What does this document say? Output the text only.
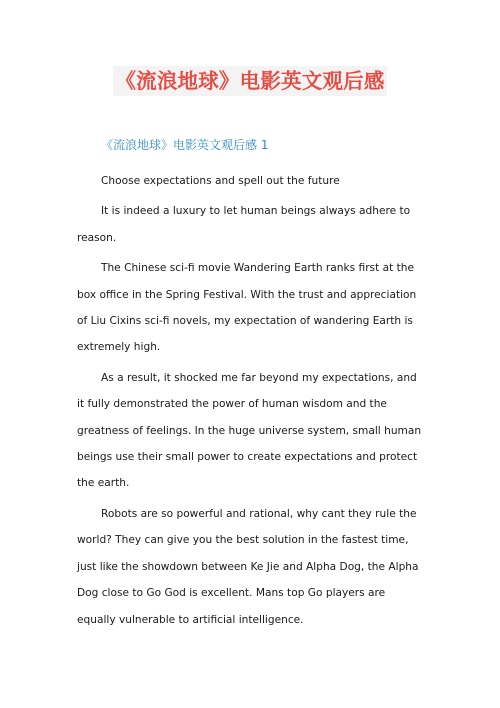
《流浪地球》电影英文观后感
《流浪地球》电影英文观后感 1

Choose expectations and spell out the future

It is indeed a luxury to let human beings always adhere to reason.

The Chinese sci-fi movie Wandering Earth ranks first at the box office in the Spring Festival. With the trust and appreciation of Liu Cixins sci-fi novels, my expectation of wandering Earth is extremely high.

As a result, it shocked me far beyond my expectations, and it fully demonstrated the power of human wisdom and the greatness of feelings. In the huge universe system, small human beings use their small power to create expectations and protect the earth.

Robots are so powerful and rational, why cant they rule the world? They can give you the best solution in the fastest time, just like the showdown between Ke Jie and Alpha Dog, the Alpha Dog close to Go God is excellent. Mans top Go players are equally vulnerable to artificial intelligence.
